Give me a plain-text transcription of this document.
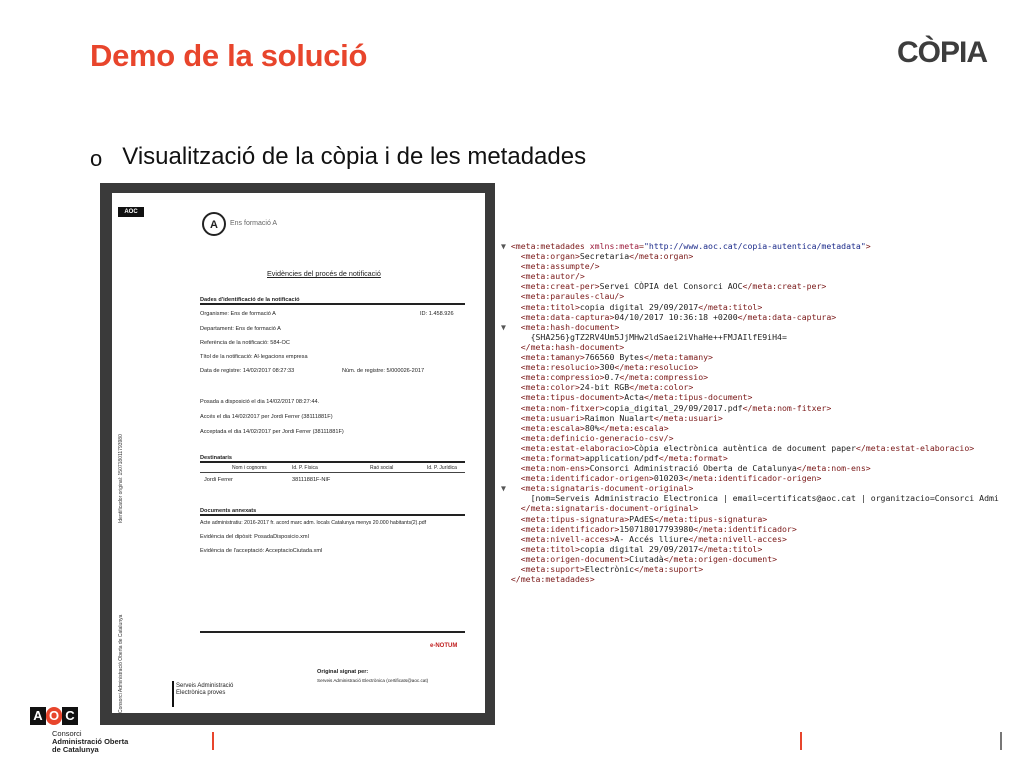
Demo de la solució	CÒPIA
o Visualització de la còpia i de les metadades
AOC
A Ens formació A
Evidències del procés de notificació
Dades d'identificació de la notificació
Organisme: Ens de formació A	ID: 1.458.926
Departament: Ens de formació A
Referència de la notificació: 584-OC
Títol de la notificació: Al·legacions empresa
Data de registre: 14/02/2017 08:27:33	Núm. de registre: 5/000026-2017
Posada a disposició el dia 14/02/2017 08:27:44.
Accés el dia 14/02/2017 per Jordi Ferrer (38111881F)
Acceptada el dia 14/02/2017 per Jordi Ferrer (38111881F)
Destinataris
Nom i cognoms	Id. P. Física	Raó social	Id. P. Jurídica
Jordi Ferrer	38111881F-NIF
Documents annexats
Acte administratiu: 2016-2017 fr. acord marc adm. locals Catalunya menys 20.000 habitants(2).pdf
Evidència del dipòsit: PosadaDisposicio.xml
Evidència de l'acceptació: AcceptacioCiutada.xml
e-NOTUM
Identificador original: 150718011793980
Consorci Administració Oberta de Catalunya	Original signat per:
Serveis Administració Electrònica (certificats@aoc.cat)
Serveis Administració Electrònica proves
▼ <meta:metadades xmlns:meta="http://www.aoc.cat/copia-autentica/metadata">
<meta:organ>Secretaria</meta:organ>
<meta:assumpte/>
<meta:autor/>
<meta:creat-per>Servei CÒPIA del Consorci AOC</meta:creat-per>
<meta:paraules-clau/>
<meta:titol>copia digital 29/09/2017</meta:titol>
<meta:data-captura>04/10/2017 10:36:18 +0200</meta:data-captura>
▼   <meta:hash-document>
{SHA256}gTZ2RV4Um5JjMHw2ldSaei2iVhaHe++FMJAIlfE9iH4=
</meta:hash-document>
<meta:tamany>766560 Bytes</meta:tamany>
<meta:resolucio>300</meta:resolucio>
<meta:compressio>0.7</meta:compressio>
<meta:color>24-bit RGB</meta:color>
<meta:tipus-document>Acta</meta:tipus-document>
<meta:nom-fitxer>copia_digital_29/09/2017.pdf</meta:nom-fitxer>
<meta:usuari>Raimon Nualart</meta:usuari>
<meta:escala>80%</meta:escala>
<meta:definicio-generacio-csv/>
<meta:estat-elaboracio>Còpia electrònica autèntica de document paper</meta:estat-elaboracio>
<meta:format>application/pdf</meta:format>
<meta:nom-ens>Consorci Administració Oberta de Catalunya</meta:nom-ens>
<meta:identificador-origen>010203</meta:identificador-origen>
▼   <meta:signataris-document-original>
[nom=Serveis Administracio Electronica | email=certificats@aoc.cat | organitzacio=Consorci Admi
</meta:signataris-document-original>
<meta:tipus-signatura>PAdES</meta:tipus-signatura>
<meta:identificador>150718017793980</meta:identificador>
<meta:nivell-acces>A- Accés lliure</meta:nivell-acces>
<meta:titol>copia digital 29/09/2017</meta:titol>
<meta:origen-document>Ciutadà</meta:origen-document>
<meta:suport>Electrònic</meta:suport>
</meta:metadades>
A O C
Consorci
Administració Oberta
de Catalunya
